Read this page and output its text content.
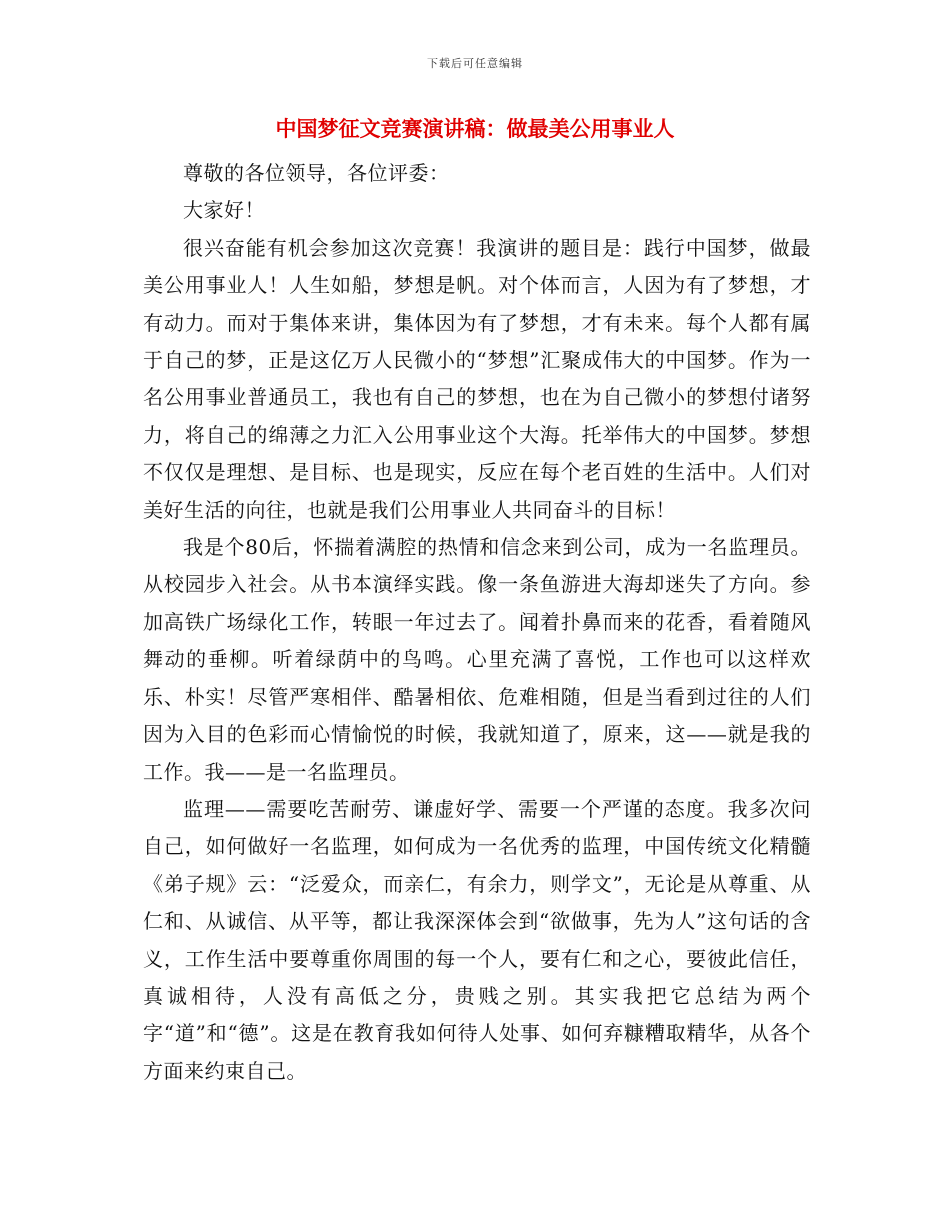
下载后可任意编辑
中国梦征文竞赛演讲稿：做最美公用事业人

尊敬的各位领导，各位评委：

大家好！

很兴奋能有机会参加这次竞赛！我演讲的题目是：践行中国梦，做最美公用事业人！人生如船，梦想是帆。对个体而言，人因为有了梦想，才有动力。而对于集体来讲，集体因为有了梦想，才有未来。每个人都有属于自己的梦，正是这亿万人民微小的“梦想”汇聚成伟大的中国梦。作为一名公用事业普通员工，我也有自己的梦想，也在为自己微小的梦想付诸努力，将自己的绵薄之力汇入公用事业这个大海。托举伟大的中国梦。梦想不仅仅是理想、是目标、也是现实，反应在每个老百姓的生活中。人们对美好生活的向往，也就是我们公用事业人共同奋斗的目标！

我是个80后，怀揣着满腔的热情和信念来到公司，成为一名监理员。从校园步入社会。从书本演绎实践。像一条鱼游进大海却迷失了方向。参加高铁广场绿化工作，转眼一年过去了。闻着扑鼻而来的花香，看着随风舞动的垂柳。听着绿荫中的鸟鸣。心里充满了喜悦，工作也可以这样欢乐、朴实！尽管严寒相伴、酷暑相依、危难相随，但是当看到过往的人们因为入目的色彩而心情愉悦的时候，我就知道了，原来，这——就是我的工作。我——是一名监理员。

监理——需要吃苦耐劳、谦虚好学、需要一个严谨的态度。我多次问自己，如何做好一名监理，如何成为一名优秀的监理，中国传统文化精髓《弟子规》云：“泛爱众，而亲仁，有余力，则学文”，无论是从尊重、从仁和、从诚信、从平等，都让我深深体会到“欲做事，先为人”这句话的含义，工作生活中要尊重你周围的每一个人，要有仁和之心，要彼此信任，真诚相待，人没有高低之分，贵贱之别。其实我把它总结为两个字“道”和“德”。这是在教育我如何待人处事、如何弃糠糟取精华，从各个方面来约束自己。
